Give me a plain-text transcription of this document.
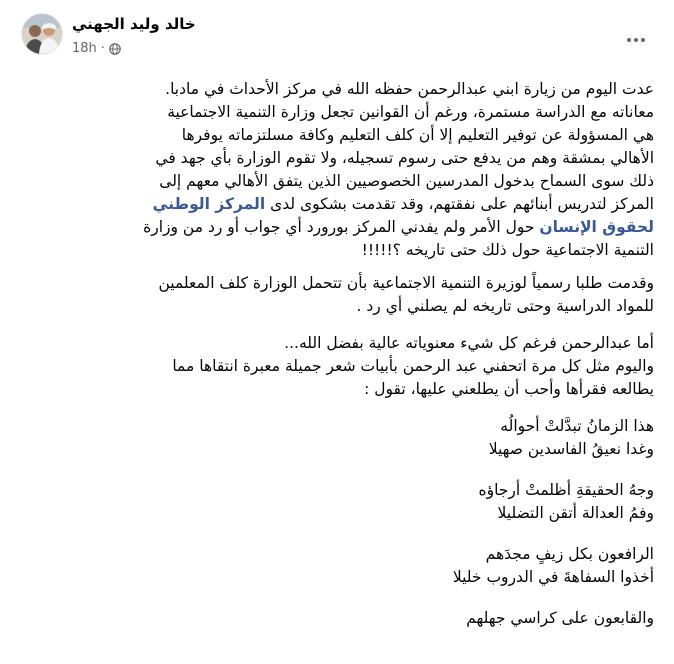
خالد وليد الجهني
18h ·

عدت اليوم من زيارة ابني عبدالرحمن حفظه الله في مركز الأحداث في مادبا.
معاناته مع الدراسة مستمرة، ورغم أن القوانين تجعل وزارة التنمية الاجتماعية
هي المسؤولة عن توفير التعليم إلا أن كلف التعليم وكافة مسلتزماته يوفرها
الأهالي بمشقة وهم من يدفع حتى رسوم تسجيله، ولا تقوم الوزارة بأي جهد في
ذلك سوى السماح بدخول المدرسين الخصوصيين الذين يتفق الأهالي معهم إلى
المركز لتدريس أبنائهم على نفقتهم، وقد تقدمت بشكوى لدى المركز الوطني
لحقوق الإنسان حول الأمر ولم يفدني المركز بورورد أي جواب أو رد من وزارة
التنمية الاجتماعية حول ذلك حتى تاريخه ؟!!!!!

وقدمت طلبا رسمياً لوزيرة التنمية الاجتماعية بأن تتحمل الوزارة كلف المعلمين
للمواد الدراسية وحتى تاريخه لم يصلني أي رد .

أما عبدالرحمن فرغم كل شيء معنوياته عالية بفضل الله...
واليوم مثل كل مرة اتحفني عبد الرحمن بأبيات شعر جميلة معبرة انتقاها مما
يطالعه فقرأها وأحب أن يطلعني عليها، تقول :

هذا الزمانُ تبدَّلتْ أحوالُه
وغدا نعيقُ الفاسدين صهيلا

وجهُ الحقيقةِ أظلمتْ أرجاؤه
وفمُ العدالة أتقن التضليلا

الرافعون بكل زيفٍ مجدَهم
أخذوا السفاهةَ في الدروب خليلا

والقابعون على كراسي جهلهم
